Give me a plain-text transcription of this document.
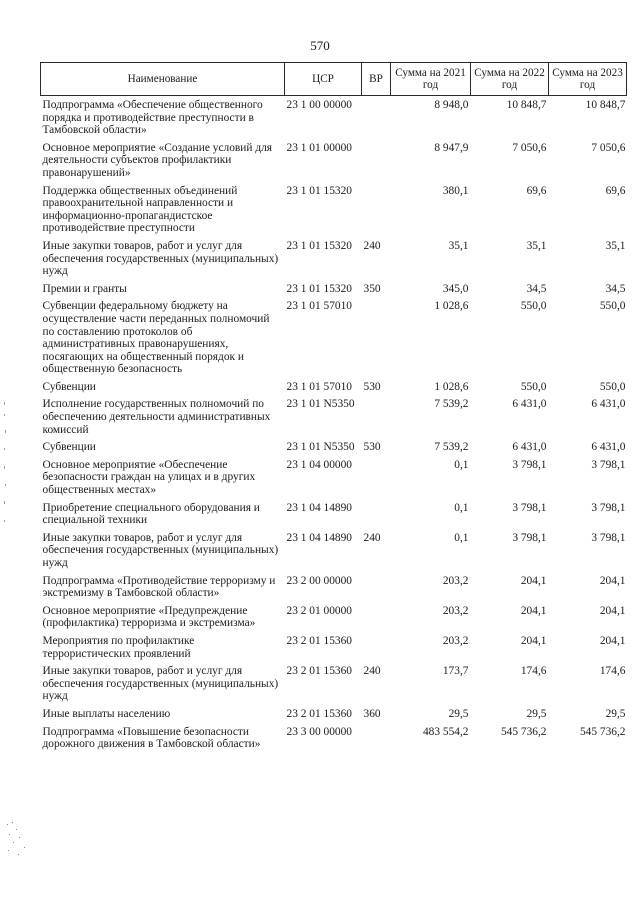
570
Наименование	ЦСР	ВР	Сумма на 2021 год	Сумма на 2022 год	Сумма на 2023 год
Подпрограмма «Обеспечение общественного порядка и противодействие преступности в Тамбовской области»	23 1 00 00000		8 948,0	10 848,7	10 848,7
Основное мероприятие «Создание условий для деятельности субъектов профилактики правонарушений»	23 1 01 00000		8 947,9	7 050,6	7 050,6
Поддержка общественных объединений правоохранительной направленности и информационно-пропагандистское противодействие преступности	23 1 01 15320		380,1	69,6	69,6
Иные закупки товаров, работ и услуг для обеспечения государственных (муниципальных) нужд	23 1 01 15320	240	35,1	35,1	35,1
Премии и гранты	23 1 01 15320	350	345,0	34,5	34,5
Субвенции федеральному бюджету на осуществление части переданных полномочий по составлению протоколов об административных правонарушениях, посягающих на общественный порядок и общественную безопасность	23 1 01 57010		1 028,6	550,0	550,0
Субвенции	23 1 01 57010	530	1 028,6	550,0	550,0
Исполнение государственных полномочий по обеспечению деятельности административных комиссий	23 1 01 N5350		7 539,2	6 431,0	6 431,0
Субвенции	23 1 01 N5350	530	7 539,2	6 431,0	6 431,0
Основное мероприятие «Обеспечение безопасности граждан на улицах и в других общественных местах»	23 1 04 00000		0,1	3 798,1	3 798,1
Приобретение специального оборудования и специальной техники	23 1 04 14890		0,1	3 798,1	3 798,1
Иные закупки товаров, работ и услуг для обеспечения государственных (муниципальных) нужд	23 1 04 14890	240	0,1	3 798,1	3 798,1
Подпрограмма «Противодействие терроризму и экстремизму в Тамбовской области»	23 2 00 00000		203,2	204,1	204,1
Основное мероприятие «Предупреждение (профилактика) терроризма и экстремизма»	23 2 01 00000		203,2	204,1	204,1
Мероприятия по профилактике террористических проявлений	23 2 01 15360		203,2	204,1	204,1
Иные закупки товаров, работ и услуг для обеспечения государственных (муниципальных) нужд	23 2 01 15360	240	173,7	174,6	174,6
Иные выплаты населению	23 2 01 15360	360	29,5	29,5	29,5
Подпрограмма «Повышение безопасности дорожного движения в Тамбовской области»	23 3 00 00000		483 554,2	545 736,2	545 736,2
